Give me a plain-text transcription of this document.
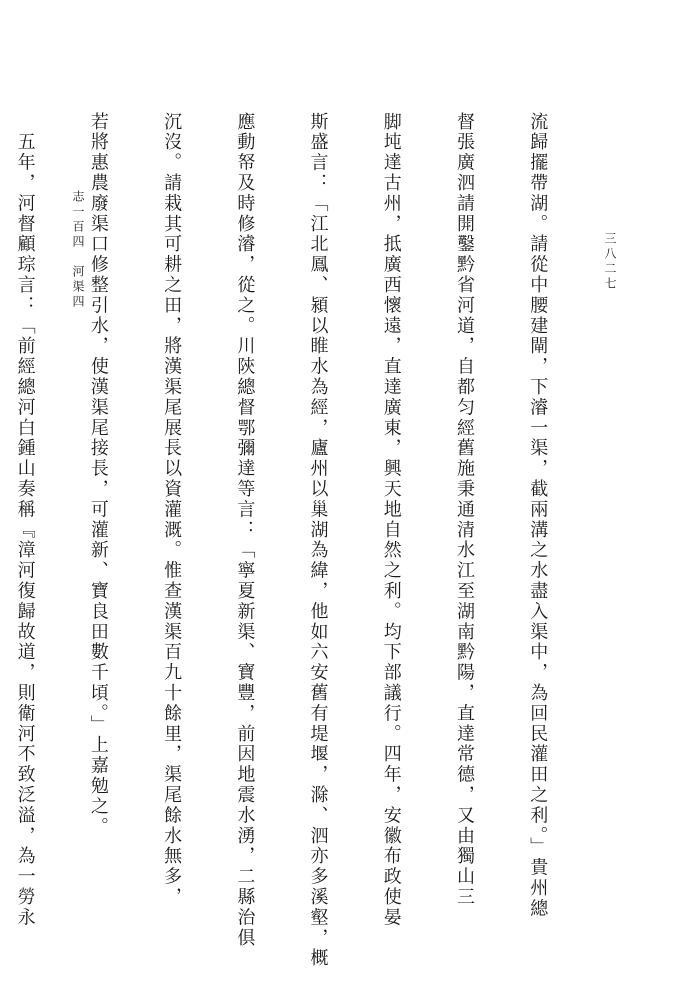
流歸擺帶湖。請從中腰建閘，下濬一渠，截兩溝之水盡入渠中，為回民灌田之利。」貴州總

督張廣泗請開鑿黔省河道，自都匀經舊施秉通清水江至湖南黔陽，直達常德，又由獨山三

脚坉達古州，抵廣西懷遠，直達廣東，興天地自然之利。均下部議行。四年，安徽布政使晏

斯盛言：「江北鳳、潁以睢水為經，廬州以巢湖為緯，他如六安舊有堤堰，滁、泗亦多溪壑，概

應動帑及時修濬，從之。川陝總督鄂彌達等言：「寧夏新渠、寶豐，前因地震水湧，二縣治俱

沉沒。請栽其可耕之田，將漢渠尾展長以資灌溉。惟查漢渠百九十餘里，渠尾餘水無多，

若將惠農廢渠口修整引水，使漢渠尾接長，可灌新、寶良田數千頃。」上嘉勉之。

　五年，河督顧琮言：「前經總河白鍾山奏稱『漳河復歸故道，則衛河不致泛溢，為一勞永

	志一百四　河渠四	三八二七
